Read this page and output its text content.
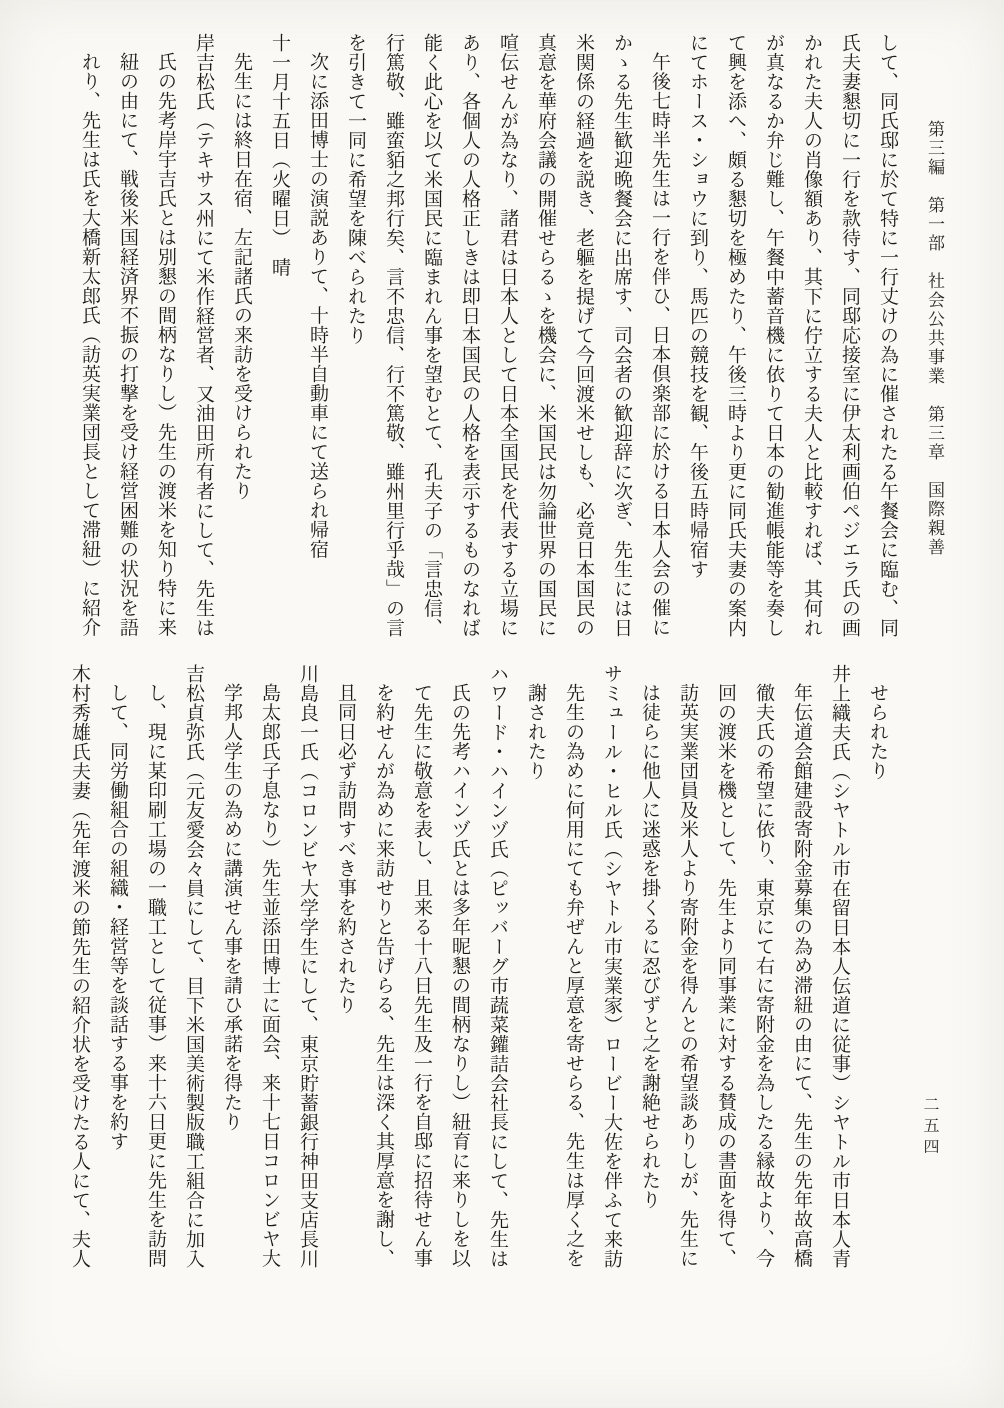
第三編　第一部　社会公共事業　第三章　国際親善
して、同氏邸に於て特に一行丈けの為に催されたる午餐会に臨む、同
氏夫妻懇切に一行を款待す、同邸応接室に伊太利画伯ペジエラ氏の画
かれた夫人の肖像額あり、其下に佇立する夫人と比較すれば、其何れ
が真なるか弁じ難し、午餐中蓄音機に依りて日本の勧進帳能等を奏し
て興を添へ、頗る懇切を極めたり、午後三時より更に同氏夫妻の案内
にてホース・ショウに到り、馬匹の競技を観、午後五時帰宿す
午後七時半先生は一行を伴ひ、日本倶楽部に於ける日本人会の催に
かゝる先生歓迎晩餐会に出席す、司会者の歓迎辞に次ぎ、先生には日
米関係の経過を説き、老軀を提げて今回渡米せしも、必竟日本国民の
真意を華府会議の開催せらるゝを機会に、米国民は勿論世界の国民に
喧伝せんが為なり、諸君は日本人として日本全国民を代表する立場に
あり、各個人の人格正しきは即日本国民の人格を表示するものなれば
能く此心を以て米国民に臨まれん事を望むとて、孔夫子の「言忠信、
行篤敬、雖蛮貊之邦行矣、言不忠信、行不篤敬、雖州里行乎哉」の言
を引きて一同に希望を陳べられたり
次に添田博士の演説ありて、十時半自動車にて送られ帰宿
十一月十五日（火曜日）　晴
先生には終日在宿、左記諸氏の来訪を受けられたり
岸吉松氏（テキサス州にて米作経営者、又油田所有者にして、先生は
氏の先考岸宇吉氏とは別懇の間柄なりし）先生の渡米を知り特に来
紐の由にて、戦後米国経済界不振の打撃を受け経営困難の状況を語
れり、先生は氏を大橋新太郎氏（訪英実業団長として滞紐）に紹介
せられたり
井上織夫氏（シヤトル市在留日本人伝道に従事）シヤトル市日本人青
年伝道会館建設寄附金募集の為め滞紐の由にて、先生の先年故高橋
徹夫氏の希望に依り、東京にて右に寄附金を為したる縁故より、今
回の渡米を機として、先生より同事業に対する賛成の書面を得て、
訪英実業団員及米人より寄附金を得んとの希望談ありしが、先生に
は徒らに他人に迷惑を掛くるに忍びずと之を謝絶せられたり
サミュール・ヒル氏（シヤトル市実業家）ロービー大佐を伴ふて来訪
先生の為めに何用にても弁ぜんと厚意を寄せらる、先生は厚く之を
謝されたり
ハワード・ハインヅ氏（ピッバーグ市蔬菜鑵詰会社長にして、先生は
氏の先考ハインヅ氏とは多年昵懇の間柄なりし）紐育に来りしを以
て先生に敬意を表し、且来る十八日先生及一行を自邸に招待せん事
を約せんが為めに来訪せりと告げらる、先生は深く其厚意を謝し、
且同日必ず訪問すべき事を約されたり
川島良一氏（コロンビヤ大学学生にして、東京貯蓄銀行神田支店長川
島太郎氏子息なり）先生並添田博士に面会、来十七日コロンビヤ大
学邦人学生の為めに講演せん事を請ひ承諾を得たり
吉松貞弥氏（元友愛会々員にして、目下米国美術製版職工組合に加入
し、現に某印刷工場の一職工として従事）来十六日更に先生を訪問
して、同労働組合の組織・経営等を談話する事を約す
木村秀雄氏夫妻（先年渡米の節先生の紹介状を受けたる人にて、夫人	二五四
